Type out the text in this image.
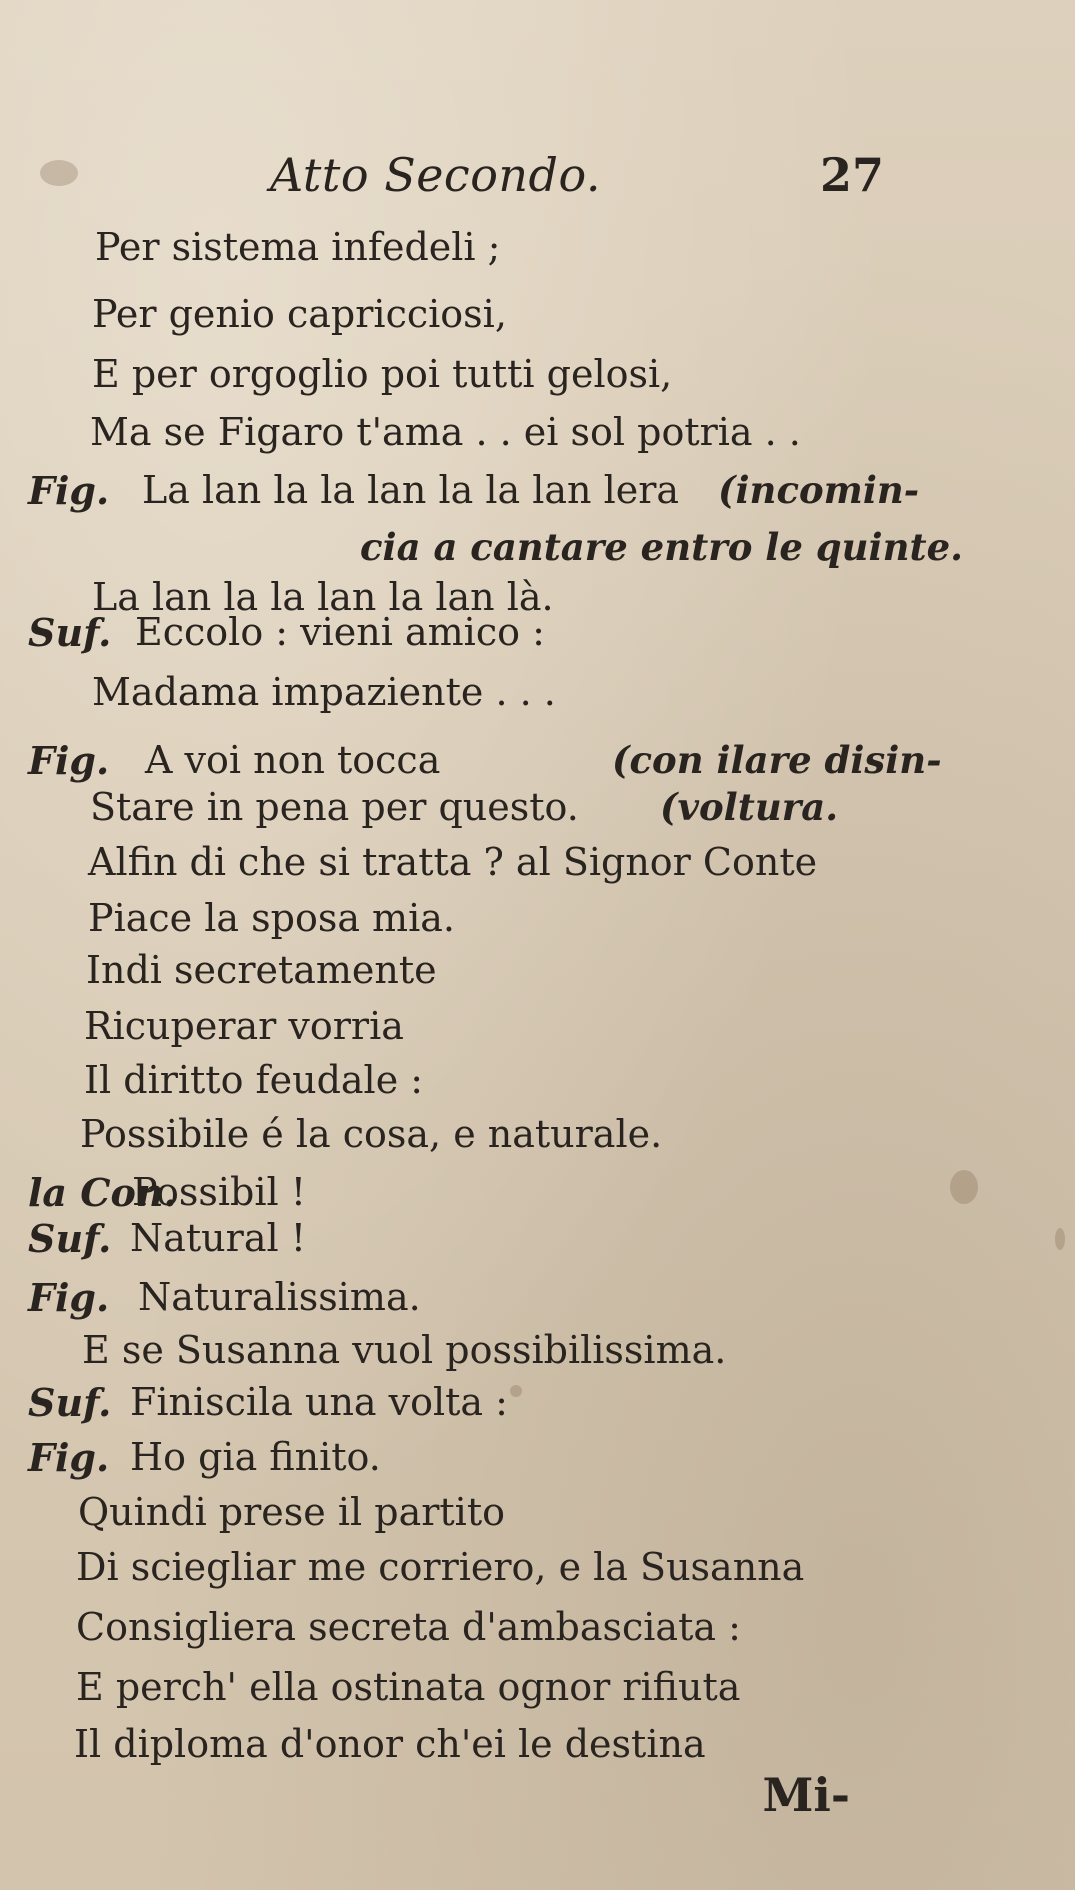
Atto Secondo.	27
Per sistema infedeli ;
Per genio capricciosi,
E per orgoglio poi tutti gelosi,
Ma se Figaro t'ama . . ei sol potria . .
Fig. La lan la la lan la la lan lera (incomin-
cia a cantare entro le quinte.
La lan la la lan la lan là.
Suf. Eccolo : vieni amico :
Madama impaziente . . .
Fig. A voi non tocca	(con ilare disin-
Stare in pena per questo. (voltura.
Alfin di che si tratta ? al Signor Conte
Piace la sposa mia.
Indi secretamente
Ricuperar vorria
Il diritto feudale :
Possibile é la cosa, e naturale.
la Con.
Possibil !
Suf. Natural !
Fig. Naturalissima.
E se Susanna vuol possibilissima.
Suf. Finiscila una volta :
Fig. Ho gia finito.
Quindi prese il partito
Di sciegliar me corriero, e la Susanna
Consigliera secreta d'ambasciata :
E perch' ella ostinata ognor rifiuta
Il diploma d'onor ch'ei le destina
Mi-
